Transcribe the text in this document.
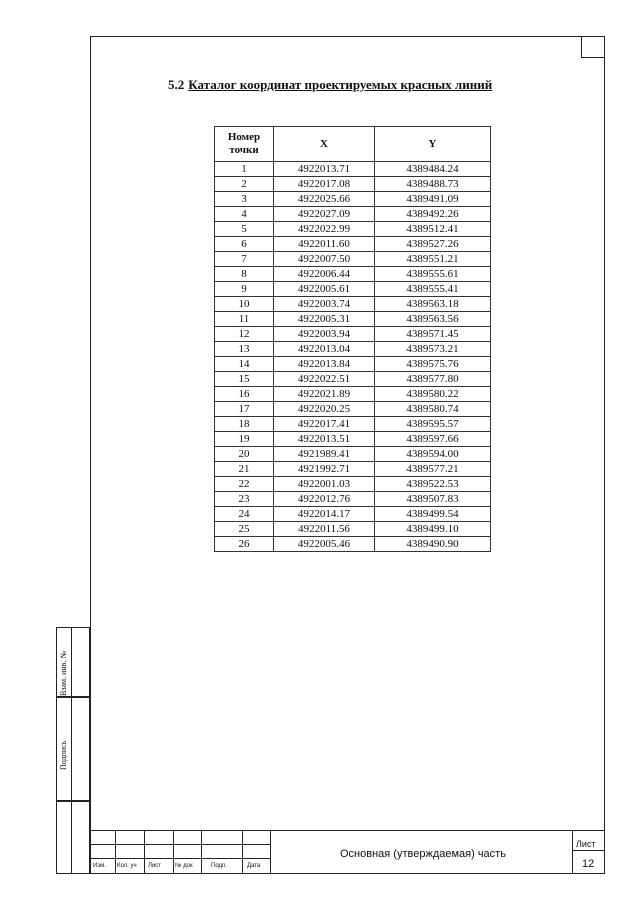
5.2 Каталог координат проектируемых красных линий
Номер точки	X	Y
1	4922013.71	4389484.24
2	4922017.08	4389488.73
3	4922025.66	4389491.09
4	4922027.09	4389492.26
5	4922022.99	4389512.41
6	4922011.60	4389527.26
7	4922007.50	4389551.21
8	4922006.44	4389555.61
9	4922005.61	4389555.41
10	4922003.74	4389563.18
11	4922005.31	4389563.56
12	4922003.94	4389571.45
13	4922013.04	4389573.21
14	4922013.84	4389575.76
15	4922022.51	4389577.80
16	4922021.89	4389580.22
17	4922020.25	4389580.74
18	4922017.41	4389595.57
19	4922013.51	4389597.66
20	4921989.41	4389594.00
21	4921992.71	4389577.21
22	4922001.03	4389522.53
23	4922012.76	4389507.83
24	4922014.17	4389499.54
25	4922011.56	4389499.10
26	4922005.46	4389490.90
Взам. инв. №
Подпись
Изм. Кол. уч Лист № док	Подп.	Дата
Основная (утверждаемая) часть
Лист
12
